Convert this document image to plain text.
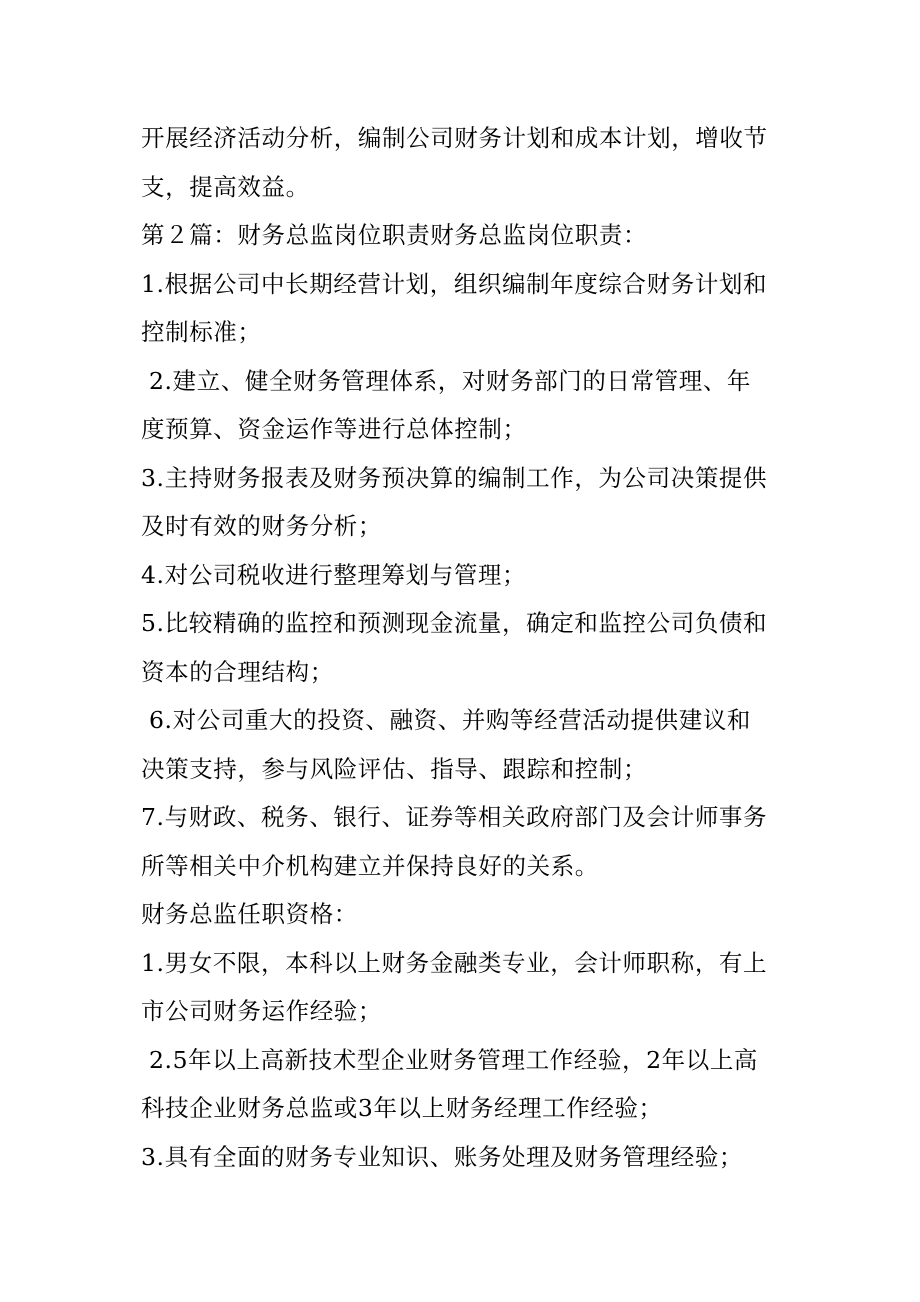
开展经济活动分析，编制公司财务计划和成本计划，增收节
支，提高效益。
第２篇：财务总监岗位职责财务总监岗位职责：
1.根据公司中长期经营计划，组织编制年度综合财务计划和
控制标准；
2.建立、健全财务管理体系，对财务部门的日常管理、年
度预算、资金运作等进行总体控制；
3.主持财务报表及财务预决算的编制工作，为公司决策提供
及时有效的财务分析；
4.对公司税收进行整理筹划与管理；
5.比较精确的监控和预测现金流量，确定和监控公司负债和
资本的合理结构；
6.对公司重大的投资、融资、并购等经营活动提供建议和
决策支持，参与风险评估、指导、跟踪和控制；
7.与财政、税务、银行、证券等相关政府部门及会计师事务
所等相关中介机构建立并保持良好的关系。
财务总监任职资格：
1.男女不限，本科以上财务金融类专业，会计师职称，有上
市公司财务运作经验；
2.5年以上高新技术型企业财务管理工作经验，2年以上高
科技企业财务总监或3年以上财务经理工作经验；
3.具有全面的财务专业知识、账务处理及财务管理经验；
